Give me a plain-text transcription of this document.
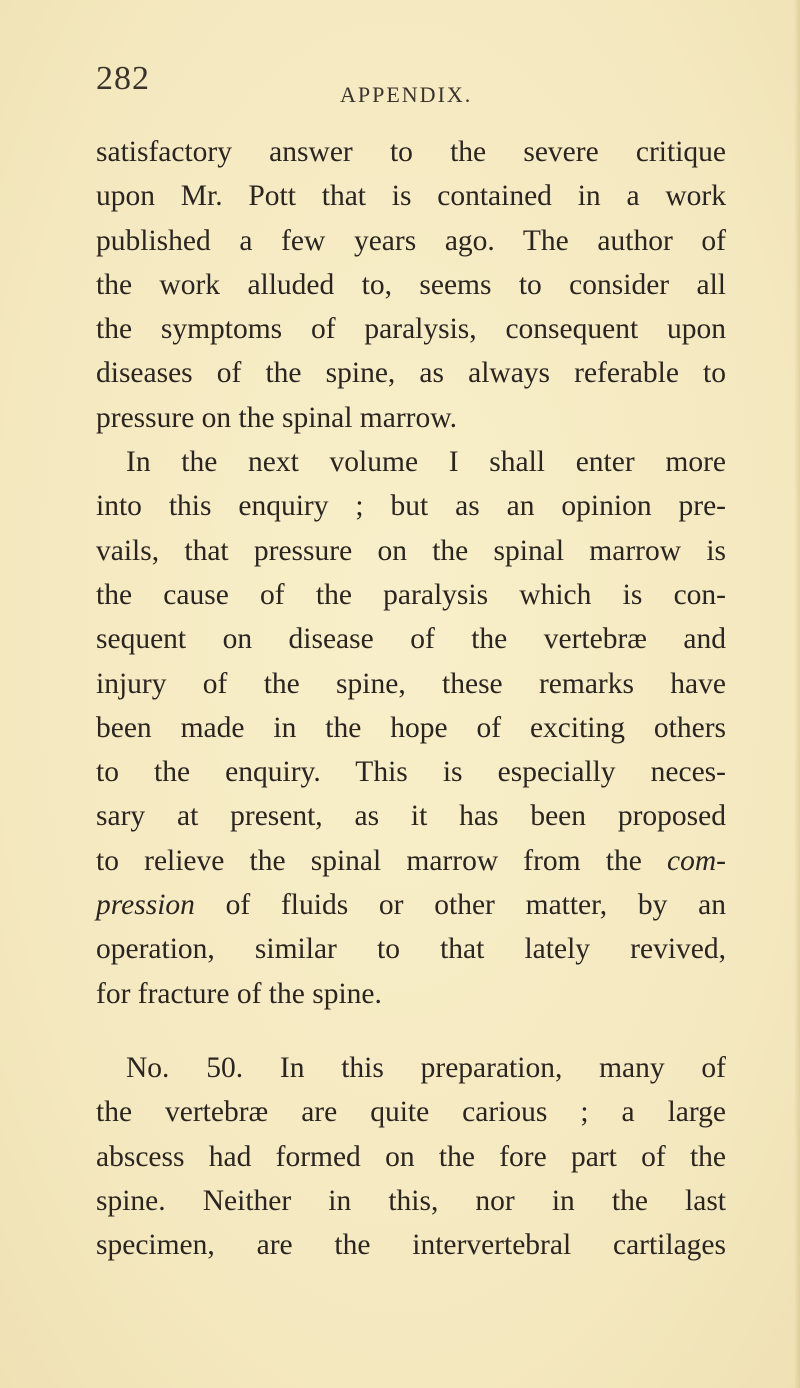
282	APPENDIX.
satisfactory answer to the severe critique
upon Mr. Pott that is contained in a work
published a few years ago. The author of
the work alluded to, seems to consider all
the symptoms of paralysis, consequent upon
diseases of the spine, as always referable to
pressure on the spinal marrow.
In the next volume I shall enter more
into this enquiry ; but as an opinion pre-
vails, that pressure on the spinal marrow is
the cause of the paralysis which is con-
sequent on disease of the vertebræ and
injury of the spine, these remarks have
been made in the hope of exciting others
to the enquiry. This is especially neces-
sary at present, as it has been proposed
to relieve the spinal marrow from the com-
pression of fluids or other matter, by an
operation, similar to that lately revived,
for fracture of the spine.
No. 50. In this preparation, many of
the vertebræ are quite carious ; a large
abscess had formed on the fore part of the
spine. Neither in this, nor in the last
specimen, are the intervertebral cartilages
